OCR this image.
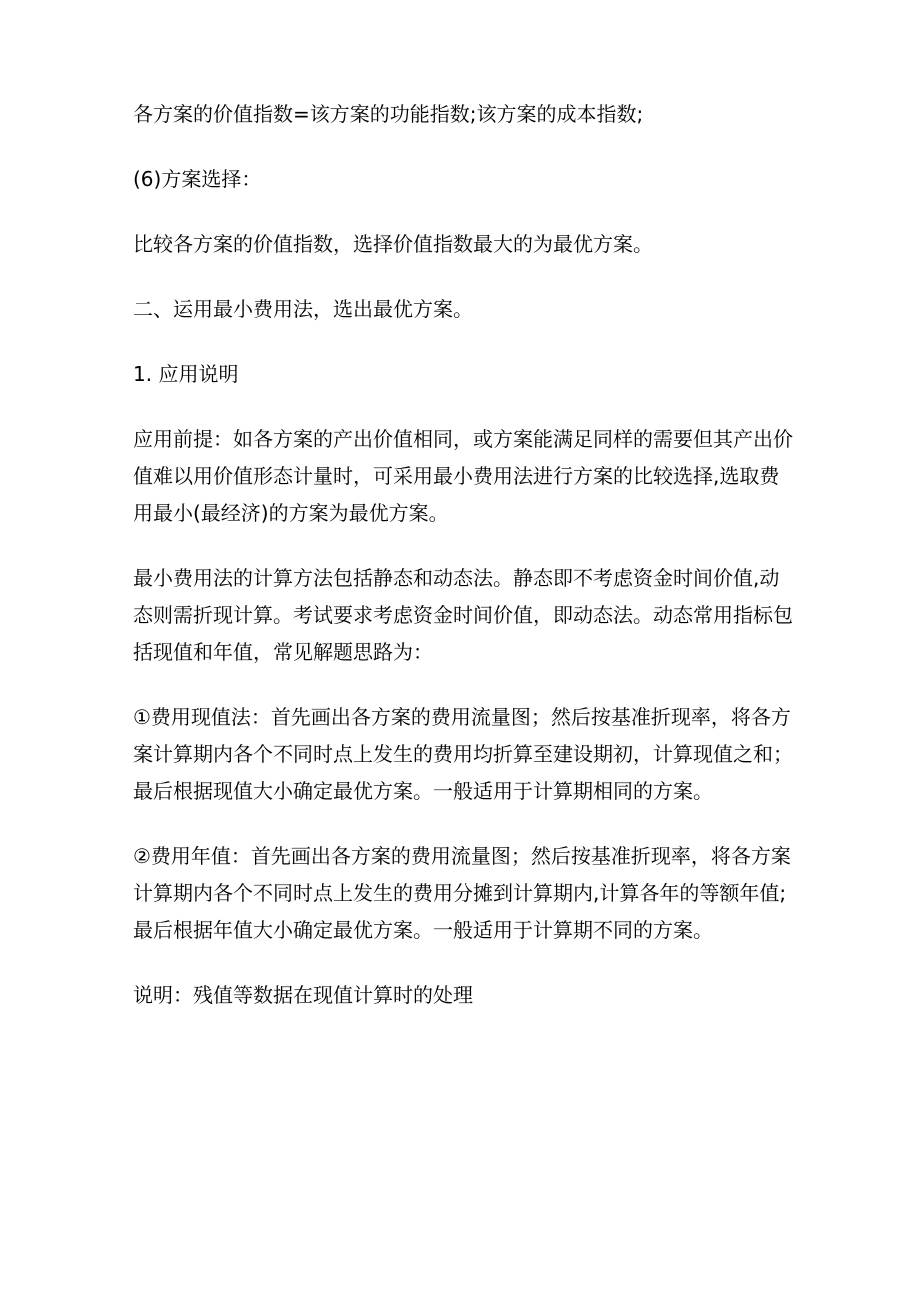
各方案的价值指数=该方案的功能指数;该方案的成本指数;
(6)方案选择：
比较各方案的价值指数，选择价值指数最大的为最优方案。
二、运用最小费用法，选出最优方案。
1. 应用说明
应用前提：如各方案的产出价值相同，或方案能满足同样的需要但其产出价
值难以用价值形态计量时，可采用最小费用法进行方案的比较选择,选取费
用最小(最经济)的方案为最优方案。
最小费用法的计算方法包括静态和动态法。静态即不考虑资金时间价值,动
态则需折现计算。考试要求考虑资金时间价值，即动态法。动态常用指标包
括现值和年值，常见解题思路为：
①费用现值法：首先画出各方案的费用流量图；然后按基准折现率，将各方
案计算期内各个不同时点上发生的费用均折算至建设期初，计算现值之和；
最后根据现值大小确定最优方案。一般适用于计算期相同的方案。
②费用年值：首先画出各方案的费用流量图；然后按基准折现率，将各方案
计算期内各个不同时点上发生的费用分摊到计算期内,计算各年的等额年值;
最后根据年值大小确定最优方案。一般适用于计算期不同的方案。
说明：残值等数据在现值计算时的处理
